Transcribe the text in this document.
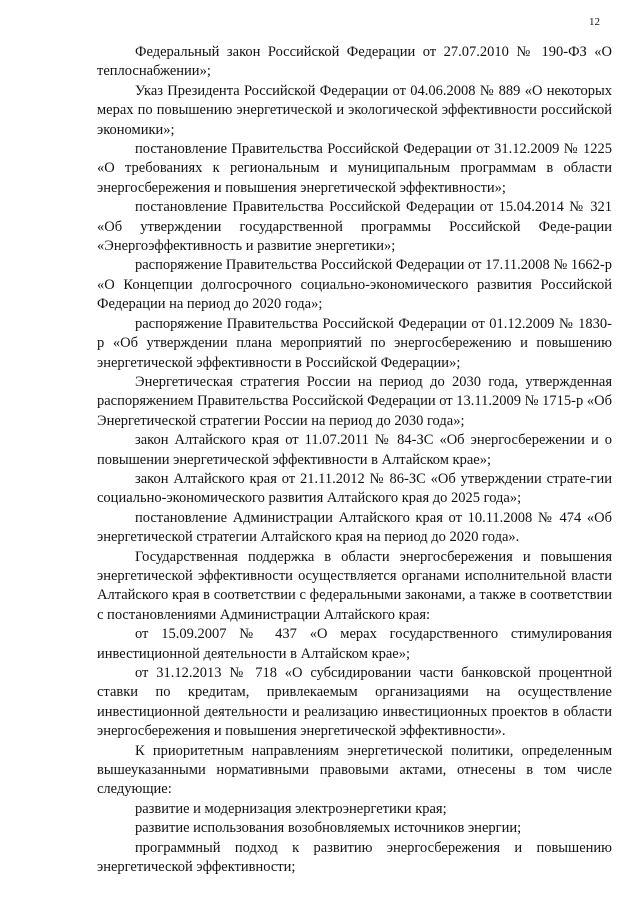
12

Федеральный закон Российской Федерации от 27.07.2010 № 190-ФЗ «О теплоснабжении»;

Указ Президента Российской Федерации от 04.06.2008 № 889 «О некоторых мерах по повышению энергетической и экологической эффективности российской экономики»;

постановление Правительства Российской Федерации от 31.12.2009 № 1225 «О требованиях к региональным и муниципальным программам в области энергосбережения и повышения энергетической эффективности»;

постановление Правительства Российской Федерации от 15.04.2014 № 321 «Об утверждении государственной программы Российской Феде-рации «Энергоэффективность и развитие энергетики»;

распоряжение Правительства Российской Федерации от 17.11.2008 № 1662-р «О Концепции долгосрочного социально-экономического развития Российской Федерации на период до 2020 года»;

распоряжение Правительства Российской Федерации от 01.12.2009 № 1830-р «Об утверждении плана мероприятий по энергосбережению и повышению энергетической эффективности в Российской Федерации»;

Энергетическая стратегия России на период до 2030 года, утвержденная распоряжением Правительства Российской Федерации от 13.11.2009 № 1715-р «Об Энергетической стратегии России на период до 2030 года»;

закон Алтайского края от 11.07.2011 № 84-ЗС «Об энергосбережении и о повышении энергетической эффективности в Алтайском крае»;

закон Алтайского края от 21.11.2012 № 86-ЗС «Об утверждении страте-гии социально-экономического развития Алтайского края до 2025 года»;

постановление Администрации Алтайского края от 10.11.2008 № 474 «Об энергетической стратегии Алтайского края на период до 2020 года».

Государственная поддержка в области энергосбережения и повышения энергетической эффективности осуществляется органами исполнительной власти Алтайского края в соответствии с федеральными законами, а также в соответствии с постановлениями Администрации Алтайского края:

от 15.09.2007 № 437 «О мерах государственного стимулирования инвестиционной деятельности в Алтайском крае»;

от 31.12.2013 № 718 «О субсидировании части банковской процентной ставки по кредитам, привлекаемым организациями на осуществление инвестиционной деятельности и реализацию инвестиционных проектов в области энергосбережения и повышения энергетической эффективности».

К приоритетным направлениям энергетической политики, определенным вышеуказанными нормативными правовыми актами, отнесены в том числе следующие:

развитие и модернизация электроэнергетики края;

развитие использования возобновляемых источников энергии;

программный подход к развитию энергосбережения и повышению энергетической эффективности;
